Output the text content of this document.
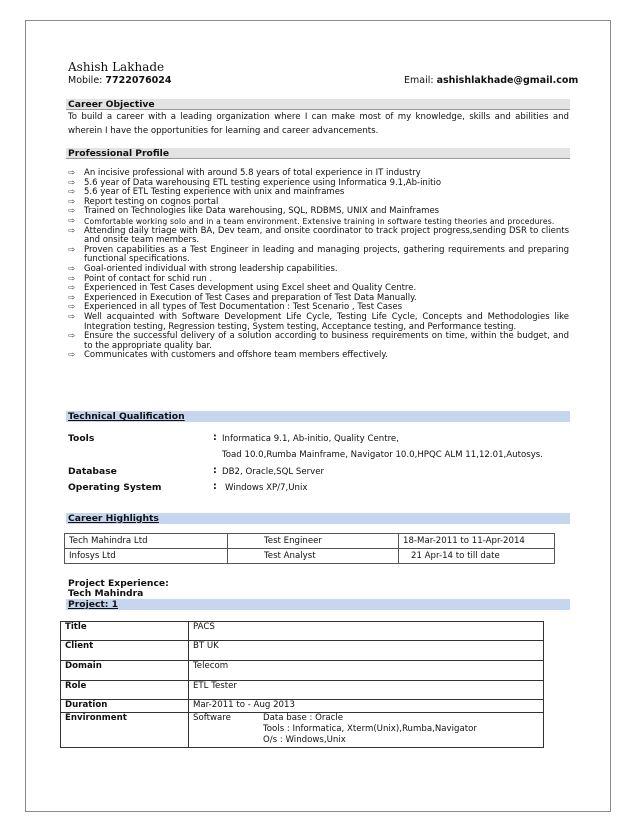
Ashish Lakhade
Mobile: 7722076024	Email: ashishlakhade@gmail.com
Career Objective
To build a career with a leading organization where I can make most of my knowledge, skills and abilities and wherein I have the opportunities for learning and career advancements.
Professional Profile
⇨	An incisive professional with around 5.8 years of total experience in IT industry
⇨	5.6 year of Data warehousing ETL testing experience using Informatica 9.1,Ab-initio
⇨	5.6 year of ETL Testing experience with unix and mainframes
⇨	Report testing on cognos portal
⇨	Trained on Technologies like Data warehousing, SQL, RDBMS, UNIX and Mainframes
⇨	Comfortable working solo and in a team environment. Extensive training in software testing theories and procedures.
⇨	Attending daily triage with BA, Dev team, and onsite coordinator to track project progress,sending DSR to clients and onsite team members.
⇨	Proven capabilities as a Test Engineer in leading and managing projects, gathering requirements and preparing functional specifications.
⇨	Goal-oriented individual with strong leadership capabilities.
⇨	Point of contact for schid run .
⇨	Experienced in Test Cases development using Excel sheet and Quality Centre.
⇨	Experienced in Execution of Test Cases and preparation of Test Data Manually.
⇨	Experienced in all types of Test Documentation : Test Scenario , Test Cases
⇨	Well acquainted with Software Development Life Cycle, Testing Life Cycle, Concepts and Methodologies like Integration testing, Regression testing, System testing, Acceptance testing, and Performance testing.
⇨	Ensure the successful delivery of a solution according to business requirements on time, within the budget, and to the appropriate quality bar.
⇨	Communicates with customers and offshore team members effectively.
Technical Qualification
Tools	: Informatica 9.1, Ab-initio, Quality Centre,
Toad 10.0,Rumba Mainframe, Navigator 10.0,HPQC ALM 11,12.01,Autosys.
Database	: DB2, Oracle,SQL Server
Operating System	: Windows XP/7,Unix
Career Highlights
Tech Mahindra Ltd	Test Engineer	18-Mar-2011 to 11-Apr-2014
Infosys Ltd	Test Analyst	21 Apr-14 to till date
Project Experience:
Tech Mahindra
Project: 1
Title	PACS
Client	BT UK
Domain	Telecom
Role	ETL Tester
Duration	Mar-2011 to - Aug 2013
Environment	Software Data base : Oracle
Tools : Informatica, Xterm(Unix),Rumba,Navigator
O/s : Windows,Unix
